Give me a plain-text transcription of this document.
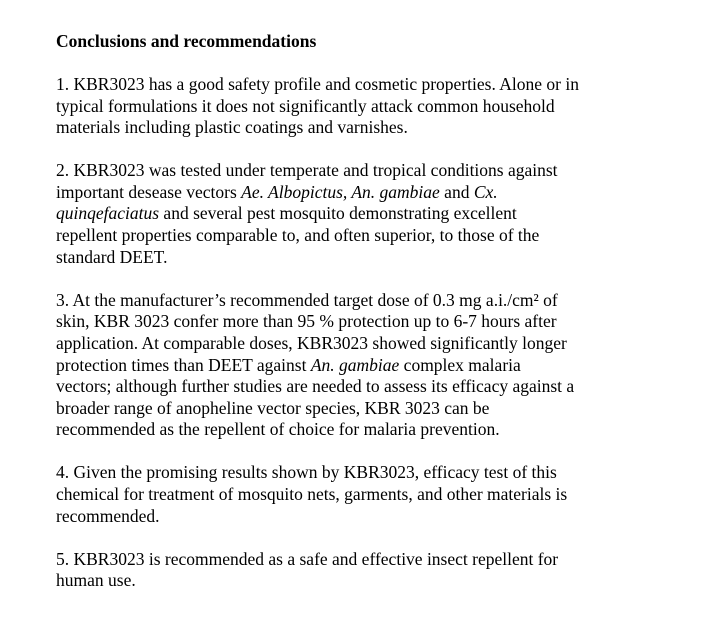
Conclusions and recommendations
1. KBR3023 has a good safety profile and cosmetic properties. Alone or in
typical formulations it does not significantly attack common household
materials including plastic coatings and varnishes.
2. KBR3023 was tested under temperate and tropical conditions against
important desease vectors Ae. Albopictus, An. gambiae and Cx.
quinqefaciatus and several pest mosquito demonstrating excellent
repellent properties comparable to, and often superior, to those of the
standard DEET.
3. At the manufacturer’s recommended target dose of 0.3 mg a.i./cm² of
skin, KBR 3023 confer more than 95 % protection up to 6-7 hours after
application. At comparable doses, KBR3023 showed significantly longer
protection times than DEET against An. gambiae complex malaria
vectors; although further studies are needed to assess its efficacy against a
broader range of anopheline vector species, KBR 3023 can be
recommended as the repellent of choice for malaria prevention.
4. Given the promising results shown by KBR3023, efficacy test of this
chemical for treatment of mosquito nets, garments, and other materials is
recommended.
5. KBR3023 is recommended as a safe and effective insect repellent for
human use.
